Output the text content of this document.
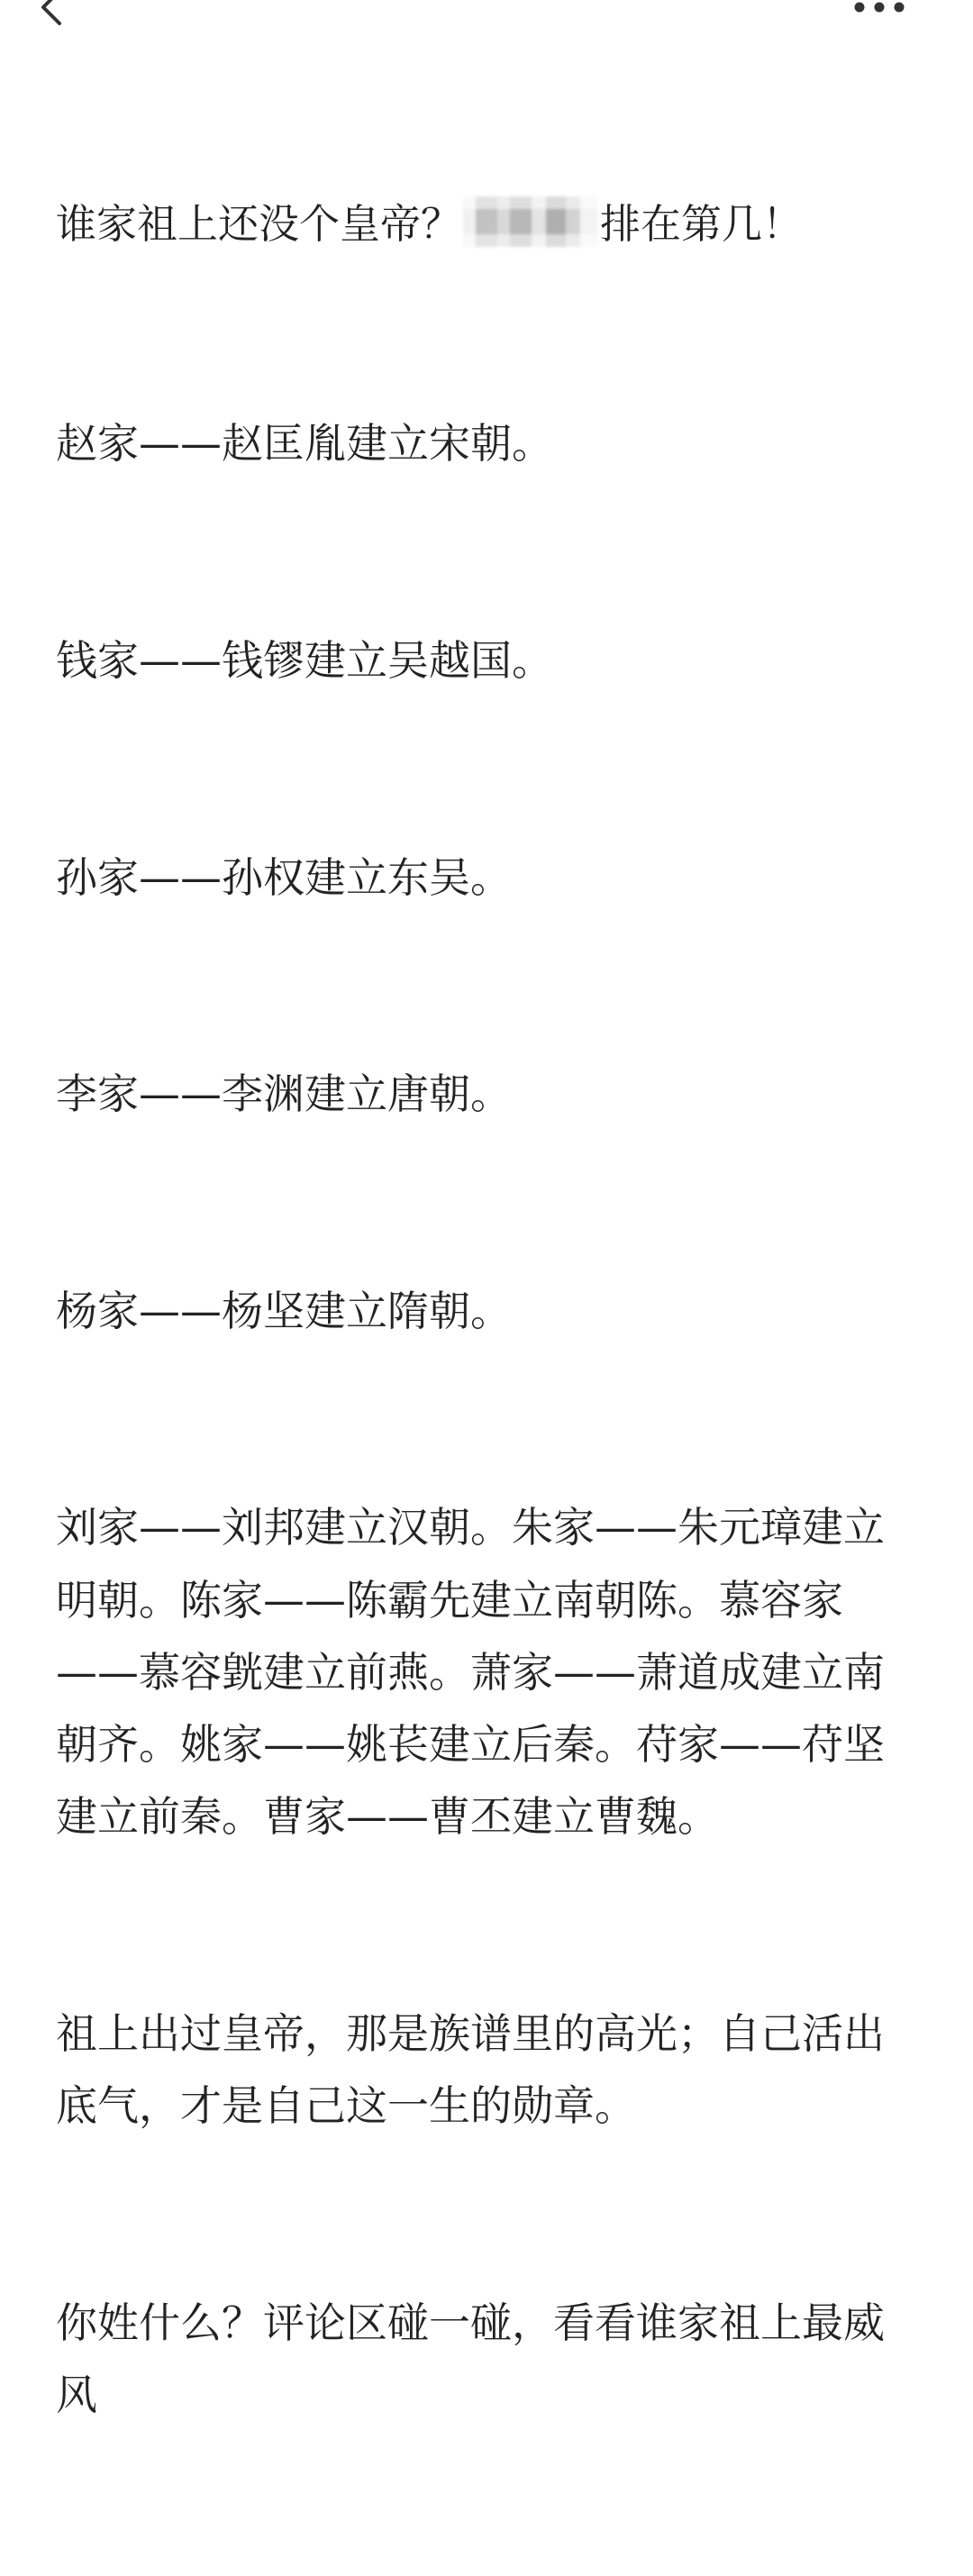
谁家祖上还没个皇帝？	排在第几！

赵家——赵匡胤建立宋朝。

钱家——钱镠建立吴越国。

孙家——孙权建立东吴。

李家——李渊建立唐朝。

杨家——杨坚建立隋朝。

刘家——刘邦建立汉朝。朱家——朱元璋建立明朝。陈家——陈霸先建立南朝陈。慕容家——慕容皝建立前燕。萧家——萧道成建立南朝齐。姚家——姚苌建立后秦。苻家——苻坚建立前秦。曹家——曹丕建立曹魏。

祖上出过皇帝，那是族谱里的高光；自己活出底气，才是自己这一生的勋章。

你姓什么？评论区碰一碰，看看谁家祖上最威风
